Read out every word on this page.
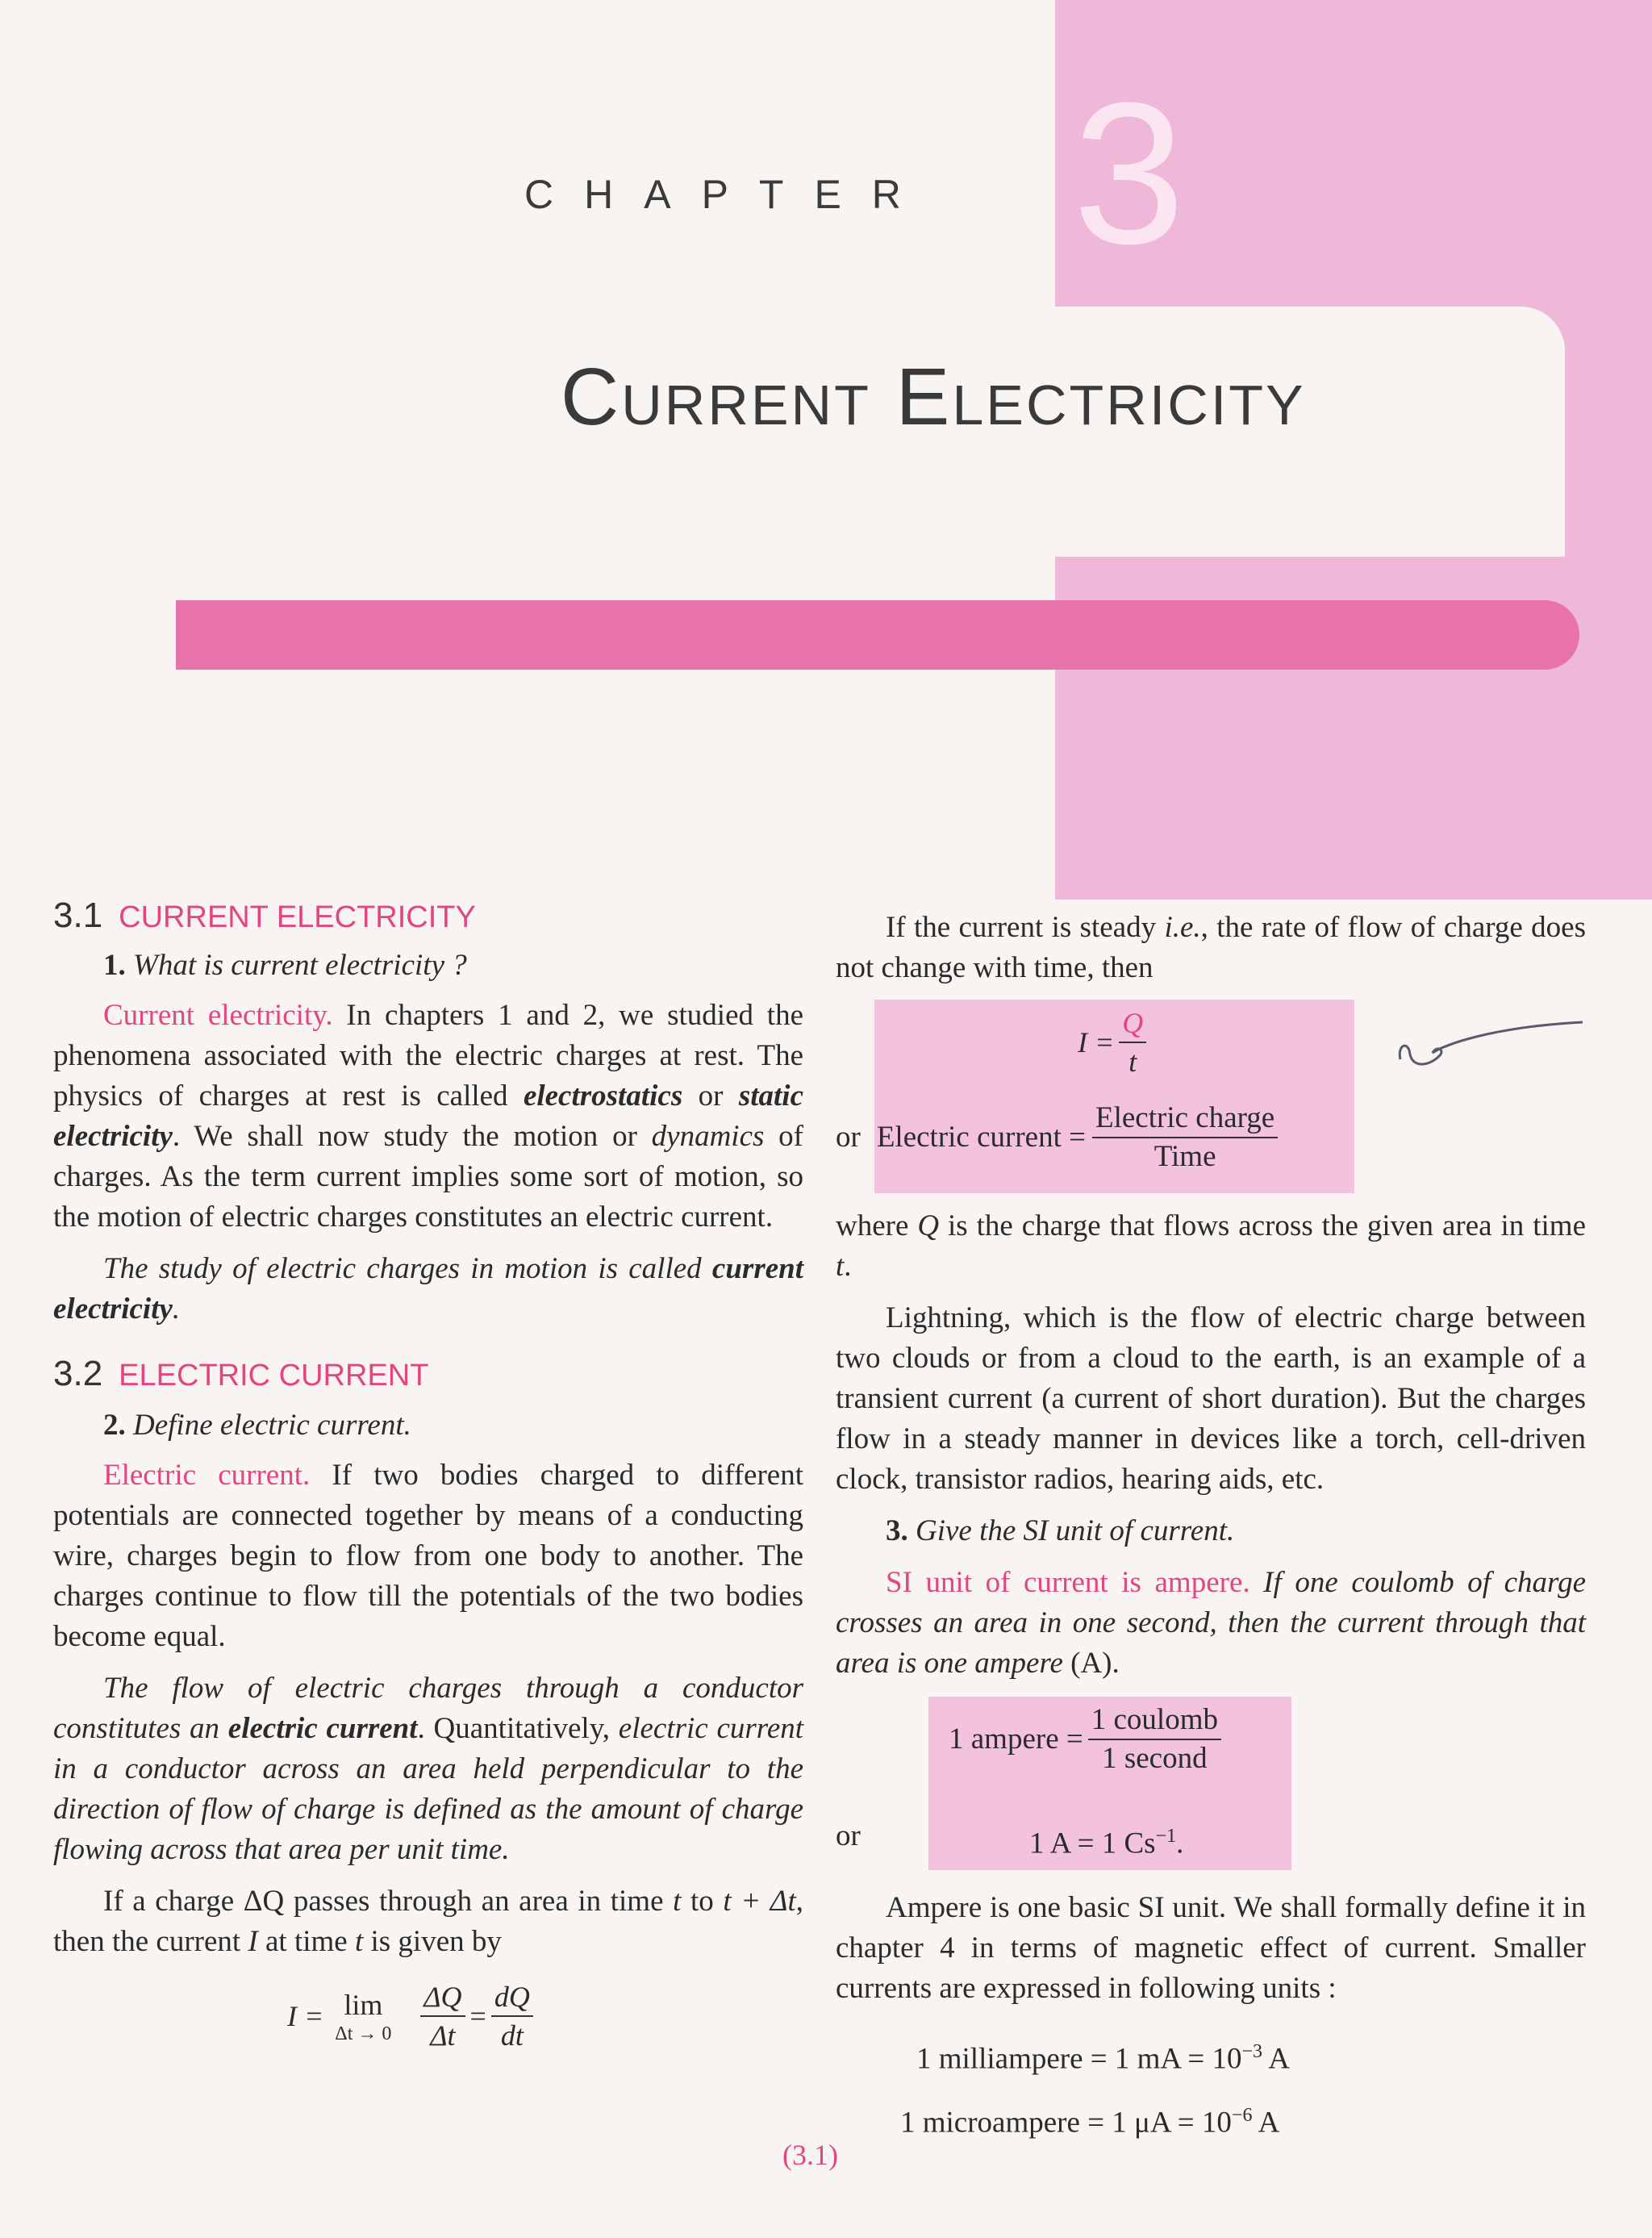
3
CHAPTER
Current Electricity
3.1 CURRENT ELECTRICITY

1. What is current electricity ?

Current electricity. In chapters 1 and 2, we studied the phenomena associated with the electric charges at rest. The physics of charges at rest is called electrostatics or static electricity. We shall now study the motion or dynamics of charges. As the term current implies some sort of motion, so the motion of electric charges constitutes an electric current.

The study of electric charges in motion is called current electricity.

3.2 ELECTRIC CURRENT

2. Define electric current.

Electric current. If two bodies charged to different potentials are connected together by means of a conducting wire, charges begin to flow from one body to another. The charges continue to flow till the potentials of the two bodies become equal.

The flow of electric charges through a conductor constitutes an electric current. Quantitatively, electric current in a conductor across an area held perpendicular to the direction of flow of charge is defined as the amount of charge flowing across that area per unit time.

If a charge ΔQ passes through an area in time t to t + Δt, then the current I at time t is given by

I = lim
$\Delta t \to 0 \frac{\Delta Q}{\Delta t} = \frac{dQ}{dt}$

If the current is steady i.e., the rate of flow of charge does not change with time, then

$I = \frac{Q}{t}$
or Electric current = $\frac{\text{Electric charge}}{\text{Time}}$

where Q is the charge that flows across the given area in time t.

Lightning, which is the flow of electric charge between two clouds or from a cloud to the earth, is an example of a transient current (a current of short duration). But the charges flow in a steady manner in devices like a torch, cell-driven clock, transistor radios, hearing aids, etc.

3. Give the SI unit of current.

SI unit of current is ampere. If one coulomb of charge crosses an area in one second, then the current through that area is one ampere (A).

1 ampere = $\frac{\text{1 coulomb}}{\text{1 second}}$
or	1 A = 1 $Cs^{-1}$.

Ampere is one basic SI unit. We shall formally define it in chapter 4 in terms of magnetic effect of current. Smaller currents are expressed in following units :

1 milliampere = 1 mA = $10^{-3}$ A
1 microampere = 1 $\mu A = 10^{-6}$ A
(3.1)
